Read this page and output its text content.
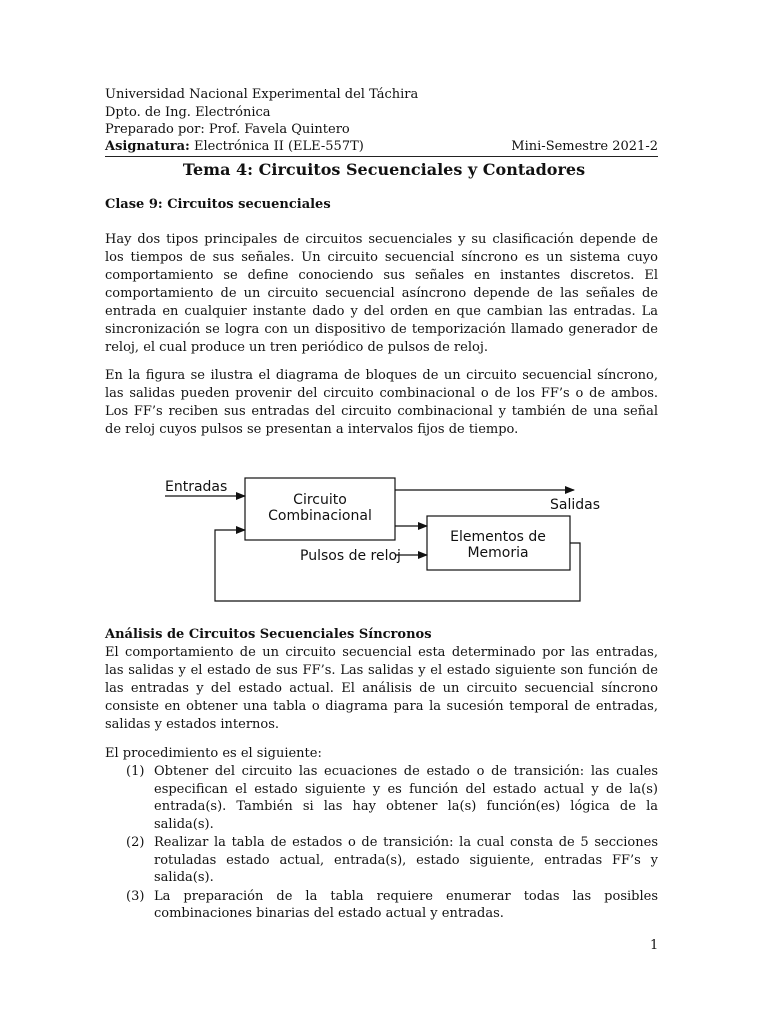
Universidad Nacional Experimental del Táchira
Dpto. de Ing. Electrónica
Preparado por: Prof. Favela Quintero
Asignatura: Electrónica II (ELE-557T)	Mini-Semestre 2021-2
Tema 4: Circuitos Secuenciales y Contadores
Clase 9: Circuitos secuenciales
Hay dos tipos principales de circuitos secuenciales y su clasificación depende de los tiempos de sus señales. Un circuito secuencial síncrono es un sistema cuyo comportamiento se define conociendo sus señales en instantes discretos. El comportamiento de un circuito secuencial asíncrono depende de las señales de entrada en cualquier instante dado y del orden en que cambian las entradas. La sincronización se logra con un dispositivo de temporización llamado generador de reloj, el cual produce un tren periódico de pulsos de reloj.
En la figura se ilustra el diagrama de bloques de un circuito secuencial síncrono, las salidas pueden provenir del circuito combinacional o de los FF’s o de ambos. Los FF’s reciben sus entradas del circuito combinacional y también de una señal de reloj cuyos pulsos se presentan a intervalos fijos de tiempo.
Circuito
Combinacional
Elementos de
Memoria
Entradas
Salidas
Pulsos de reloj
Análisis de Circuitos Secuenciales Síncronos
El comportamiento de un circuito secuencial esta determinado por las entradas, las salidas y el estado de sus FF’s. Las salidas y el estado siguiente son función de las entradas y del estado actual. El análisis de un circuito secuencial síncrono consiste en obtener una tabla o diagrama para la sucesión temporal de entradas, salidas y estados internos.
El procedimiento es el siguiente:
(1) Obtener del circuito las ecuaciones de estado o de transición: las cuales especifican el estado siguiente y es función del estado actual y de la(s) entrada(s). También si las hay obtener la(s) función(es) lógica de la salida(s).
(2) Realizar la tabla de estados o de transición: la cual consta de 5 secciones rotuladas estado actual, entrada(s), estado siguiente, entradas FF’s y salida(s).
(3) La preparación de la tabla requiere enumerar todas las posibles combinaciones binarias del estado actual y entradas.
1
